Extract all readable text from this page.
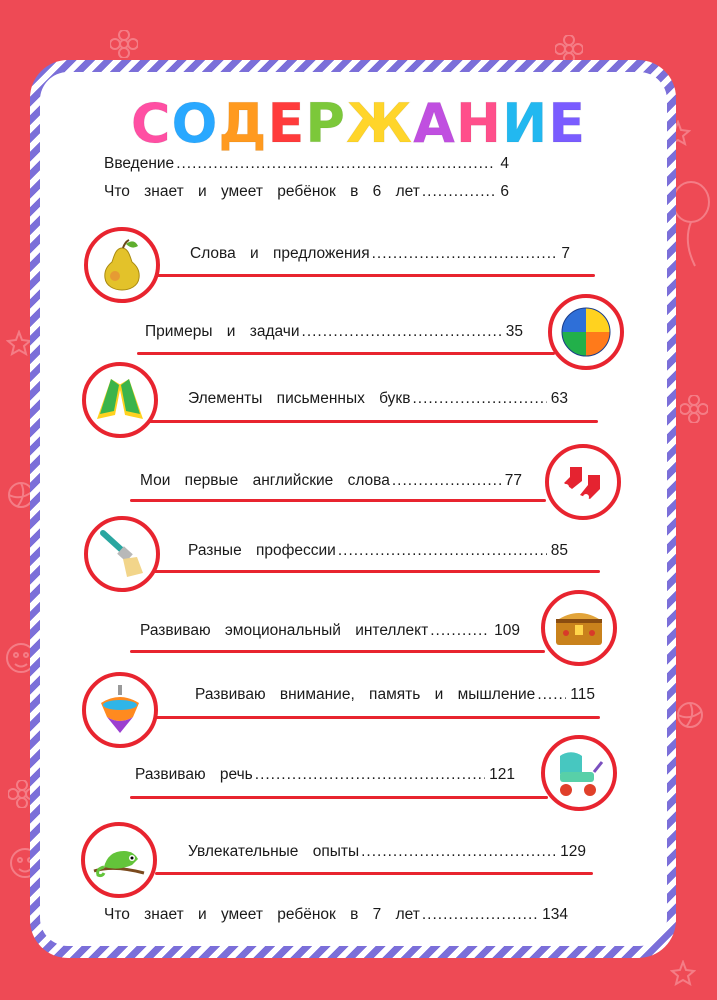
СОДЕРЖАНИЕ
Введение .....	4
Что знает и умеет ребёнок в 6 лет .....	6
Слова и предложения .....	7
Примеры и задачи .....	35
Элементы письменных букв .....	63
Мои первые английские слова .....	77
Разные профессии .....	85
Развиваю эмоциональный интеллект .....	109
Развиваю внимание, память и мышление ..... 115
Развиваю речь .....	121
Увлекательные опыты .....	129
Что знает и умеет ребёнок в 7 лет .....	134
